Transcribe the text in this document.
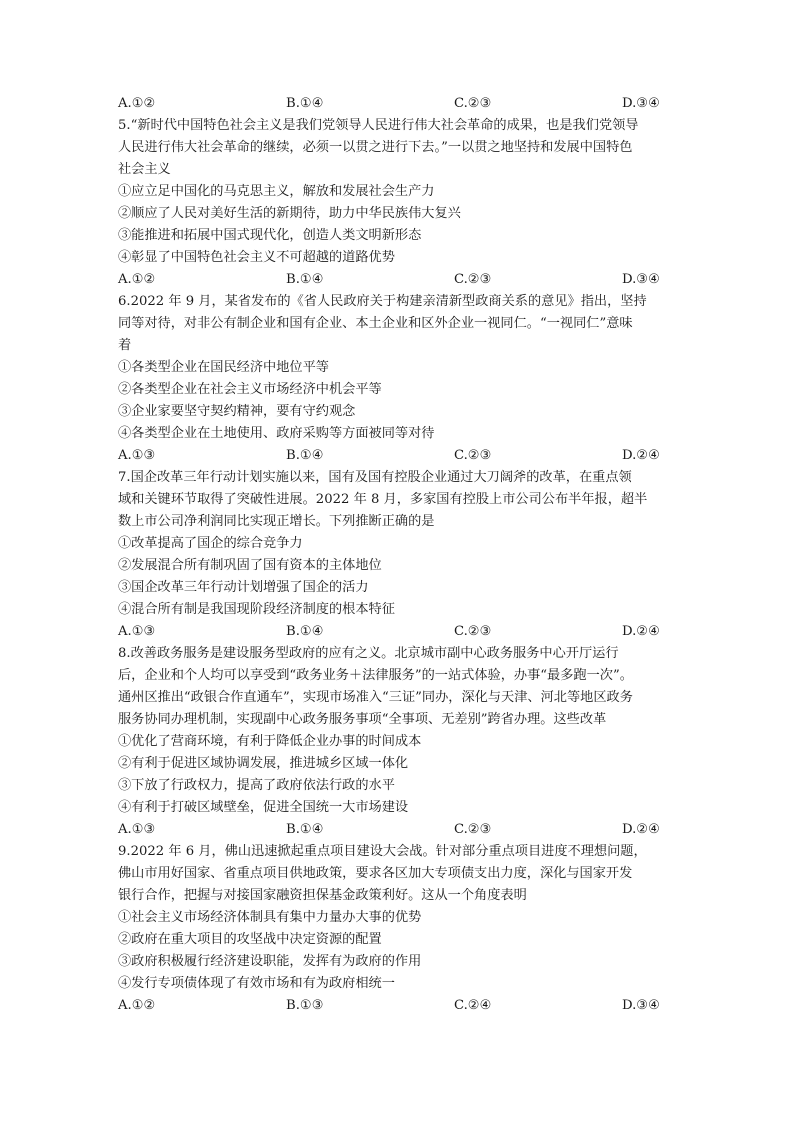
A.①②	B.①④	C.②③	D.③④
5.“新时代中国特色社会主义是我们党领导人民进行伟大社会革命的成果，也是我们党领导
人民进行伟大社会革命的继续，必须一以贯之进行下去。”一以贯之地坚持和发展中国特色
社会主义
①应立足中国化的马克思主义，解放和发展社会生产力
②顺应了人民对美好生活的新期待，助力中华民族伟大复兴
③能推进和拓展中国式现代化，创造人类文明新形态
④彰显了中国特色社会主义不可超越的道路优势
A.①②	B.①④	C.②③	D.③④
6.2022 年 9 月，某省发布的《省人民政府关于构建亲清新型政商关系的意见》指出，坚持
同等对待，对非公有制企业和国有企业、本土企业和区外企业一视同仁。“一视同仁”意味
着
①各类型企业在国民经济中地位平等
②各类型企业在社会主义市场经济中机会平等
③企业家要坚守契约精神，要有守约观念
④各类型企业在土地使用、政府采购等方面被同等对待
A.①③	B.①④	C.②③	D.②④
7.国企改革三年行动计划实施以来，国有及国有控股企业通过大刀阔斧的改革，在重点领
域和关键环节取得了突破性进展。2022 年 8 月，多家国有控股上市公司公布半年报，超半
数上市公司净利润同比实现正增长。下列推断正确的是
①改革提高了国企的综合竞争力
②发展混合所有制巩固了国有资本的主体地位
③国企改革三年行动计划增强了国企的活力
④混合所有制是我国现阶段经济制度的根本特征
A.①③	B.①④	C.②③	D.②④
8.改善政务服务是建设服务型政府的应有之义。北京城市副中心政务服务中心开厅运行
后，企业和个人均可以享受到“政务业务＋法律服务”的一站式体验，办事“最多跑一次”。
通州区推出“政银合作直通车”，实现市场准入“三证”同办，深化与天津、河北等地区政务
服务协同办理机制，实现副中心政务服务事项“全事项、无差别”跨省办理。这些改革
①优化了营商环境，有利于降低企业办事的时间成本
②有利于促进区域协调发展，推进城乡区域一体化
③下放了行政权力，提高了政府依法行政的水平
④有利于打破区域壁垒，促进全国统一大市场建设
A.①③	B.①④	C.②③	D.②④
9.2022 年 6 月，佛山迅速掀起重点项目建设大会战。针对部分重点项目进度不理想问题，
佛山市用好国家、省重点项目供地政策，要求各区加大专项债支出力度，深化与国家开发
银行合作，把握与对接国家融资担保基金政策利好。这从一个角度表明
①社会主义市场经济体制具有集中力量办大事的优势
②政府在重大项目的攻坚战中决定资源的配置
③政府积极履行经济建设职能，发挥有为政府的作用
④发行专项债体现了有效市场和有为政府相统一
A.①②	B.①③	C.②④	D.③④
